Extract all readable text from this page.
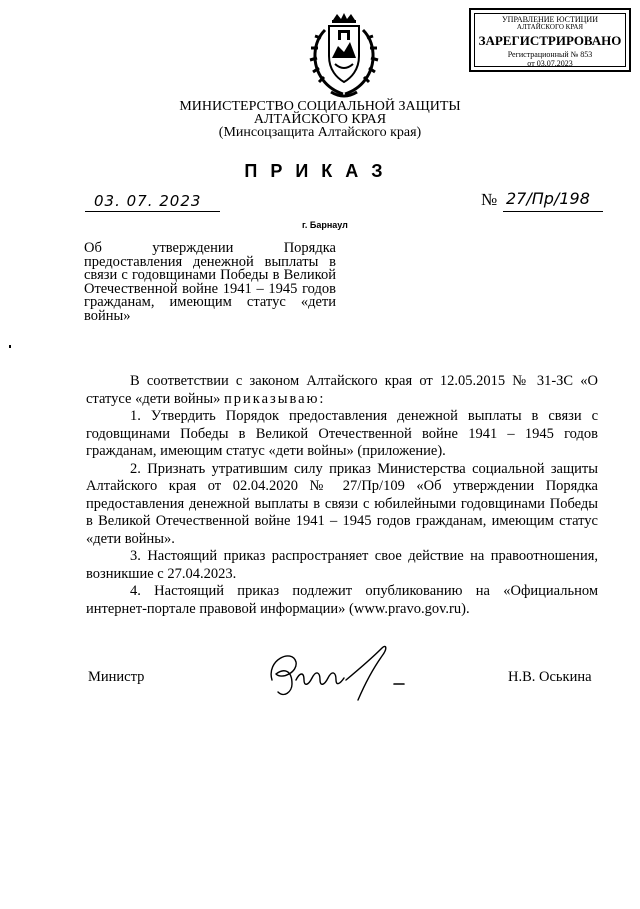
УПРАВЛЕНИЕ ЮСТИЦИИ
АЛТАЙСКОГО КРАЯ
ЗАРЕГИСТРИРОВАНО
Регистрационный № 853
от 03.07.2023
МИНИСТЕРСТВО СОЦИАЛЬНОЙ ЗАЩИТЫ
АЛТАЙСКОГО КРАЯ
(Минсоцзащита Алтайского края)
ПРИКАЗ
03. 07. 2023	№ 27/Пр/198
г. Барнаул
Об утверждении Порядка предоставления денежной выплаты в связи с годовщинами Победы в Великой Отечественной войне 1941 – 1945 годов гражданам, имеющим статус «дети войны»

В соответствии с законом Алтайского края от 12.05.2015 № 31-ЗС «О статусе «дети войны» приказываю:

1. Утвердить Порядок предоставления денежной выплаты в связи с годовщинами Победы в Великой Отечественной войне 1941 – 1945 годов гражданам, имеющим статус «дети войны» (приложение).

2. Признать утратившим силу приказ Министерства социальной защиты Алтайского края от 02.04.2020 № 27/Пр/109 «Об утверждении Порядка предоставления денежной выплаты в связи с юбилейными годовщинами Победы в Великой Отечественной войне 1941 – 1945 годов гражданам, имеющим статус «дети войны».

3. Настоящий приказ распространяет свое действие на правоотношения, возникшие с 27.04.2023.

4. Настоящий приказ подлежит опубликованию на «Официальном интернет-портале правовой информации» (www.pravo.gov.ru).

Министр	Н.В. Оськина
